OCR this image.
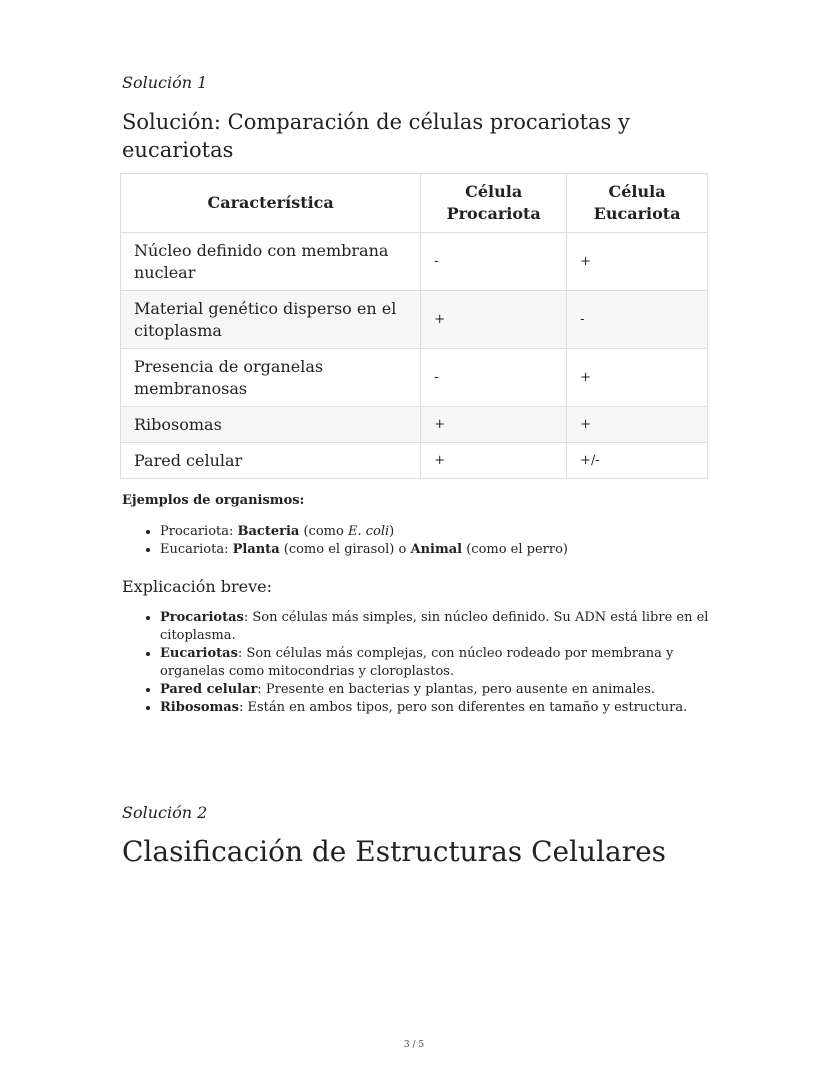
Solución 1
Solución: Comparación de células procariotas y eucariotas
Característica	Célula Procariota	Célula Eucariota
Núcleo definido con membrana nuclear	-	+
Material genético disperso en el citoplasma	+	-
Presencia de organelas membranosas	-	+
Ribosomas	+	+
Pared celular	+	+/-
Ejemplos de organismos:
• Procariota: Bacteria (como E. coli)
• Eucariota: Planta (como el girasol) o Animal (como el perro)
Explicación breve:
• Procariotas: Son células más simples, sin núcleo definido. Su ADN está libre en el citoplasma.
• Eucariotas: Son células más complejas, con núcleo rodeado por membrana y organelas como mitocondrias y cloroplastos.
• Pared celular: Presente en bacterias y plantas, pero ausente en animales.
• Ribosomas: Están en ambos tipos, pero son diferentes en tamaño y estructura.
Solución 2
Clasificación de Estructuras Celulares
3 / 5
